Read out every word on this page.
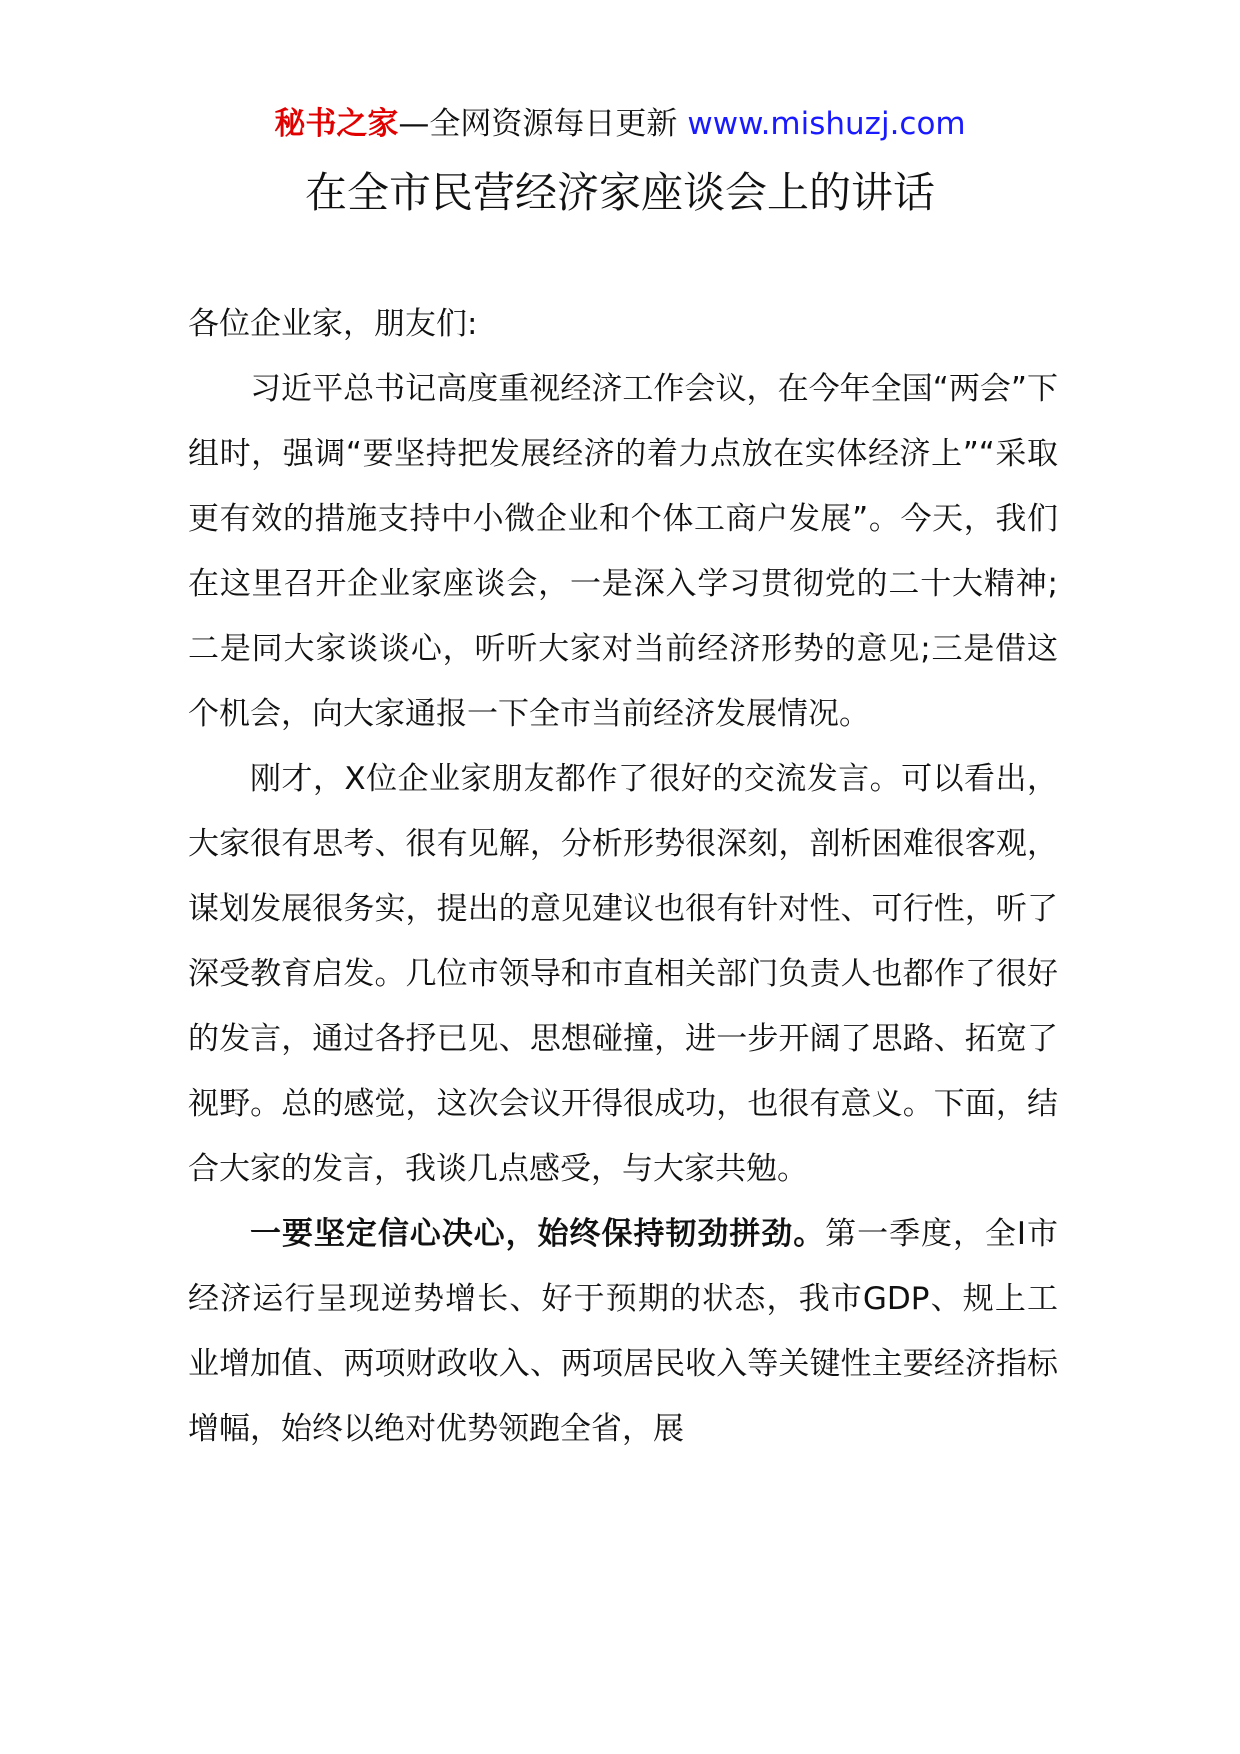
秘书之家—全网资源每日更新 www.mishuzj.com
在全市民营经济家座谈会上的讲话

各位企业家，朋友们:

习近平总书记高度重视经济工作会议，在今年全国“两会”下组时，强调“要坚持把发展经济的着力点放在实体经济上”“采取更有效的措施支持中小微企业和个体工商户发展”。今天，我们在这里召开企业家座谈会，一是深入学习贯彻党的二十大精神;二是同大家谈谈心，听听大家对当前经济形势的意见;三是借这个机会，向大家通报一下全市当前经济发展情况。

刚才，X位企业家朋友都作了很好的交流发言。可以看出，大家很有思考、很有见解，分析形势很深刻，剖析困难很客观，谋划发展很务实，提出的意见建议也很有针对性、可行性，听了深受教育启发。几位市领导和市直相关部门负责人也都作了很好的发言，通过各抒已见、思想碰撞，进一步开阔了思路、拓宽了视野。总的感觉，这次会议开得很成功，也很有意义。下面，结合大家的发言，我谈几点感受，与大家共勉。

一要坚定信心决心，始终保持韧劲拼劲。第一季度，全I市经济运行呈现逆势增长、好于预期的状态，我市GDP、规上工业增加值、两项财政收入、两项居民收入等关键性主要经济指标增幅，始终以绝对优势领跑全省，展
